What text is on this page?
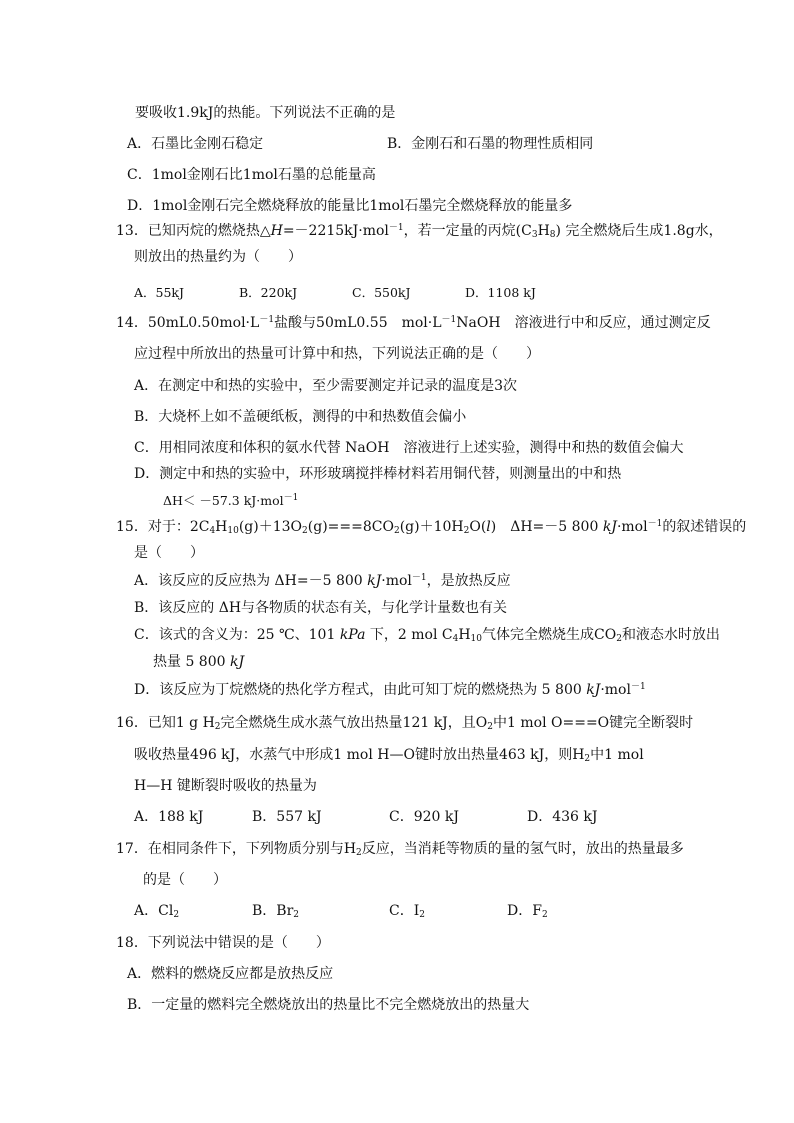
要吸收1.9kJ的热能。下列说法不正确的是
A．石墨比金刚石稳定	B．金刚石和石墨的物理性质相同
C．1mol金刚石比1mol石墨的总能量高
D．1mol金刚石完全燃烧释放的能量比1mol石墨完全燃烧释放的能量多
13．已知丙烷的燃烧热△H=－2215kJ·mol$^{-1}$，若一定量的丙烷$(C_3H_8)$ 完全燃烧后生成1.8g水，
则放出的热量约为（　　）
A．55kJ	B．220kJ	C．550kJ	D．1108 kJ
14．$50mL0.50mol\cdot L^{-1}$盐酸与50mL0.55　$mol\cdot L^{-1}NaOH$　溶液进行中和反应，通过测定反
应过程中所放出的热量可计算中和热，下列说法正确的是（　　）
A．在测定中和热的实验中，至少需要测定并记录的温度是3次
B．大烧杯上如不盖硬纸板，测得的中和热数值会偏小
C．用相同浓度和体积的氨水代替 NaOH　溶液进行上述实验，测得中和热的数值会偏大
D．测定中和热的实验中，环形玻璃搅拌棒材料若用铜代替，则测量出的中和热
ΔH＜ －57.3 kJ·mol$^{-1}$
15．对于：$2C_4H_{10}(g)+13O_2(g)===8CO_2(g)+10H_2O(l)$　ΔH=－5 800 kJ·mol$^{-1}$的叙述错误的
是（　　）
A．该反应的反应热为 ΔH=－5 800 kJ·mol$^{-1}$，是放热反应
B．该反应的 ΔH与各物质的状态有关，与化学计量数也有关
C．该式的含义为：25 ℃、101 kPa 下，2 mol $C_4H_{10}$气体完全燃烧生成$CO_2$和液态水时放出
热量 5 800 kJ
D．该反应为丁烷燃烧的热化学方程式，由此可知丁烷的燃烧热为 5 800 kJ·mol$^{-1}$
16．已知1 g $H_2$完全燃烧生成水蒸气放出热量121 kJ，且$O_2$中1 mol O===O键完全断裂时
吸收热量496 kJ，水蒸气中形成1 mol H—O键时放出热量463 kJ，则$H_2$中1 mol
H—H 键断裂时吸收的热量为
A．188 kJ	B．557 kJ	C．920 kJ	D．436 kJ
17．在相同条件下，下列物质分别与$H_2$反应，当消耗等物质的量的氢气时，放出的热量最多
的是（　　）
A．$Cl_2$	B．$Br_2$	C．$I_2$	D．$F_2$
18．下列说法中错误的是（　　）
A．燃料的燃烧反应都是放热反应
B．一定量的燃料完全燃烧放出的热量比不完全燃烧放出的热量大
